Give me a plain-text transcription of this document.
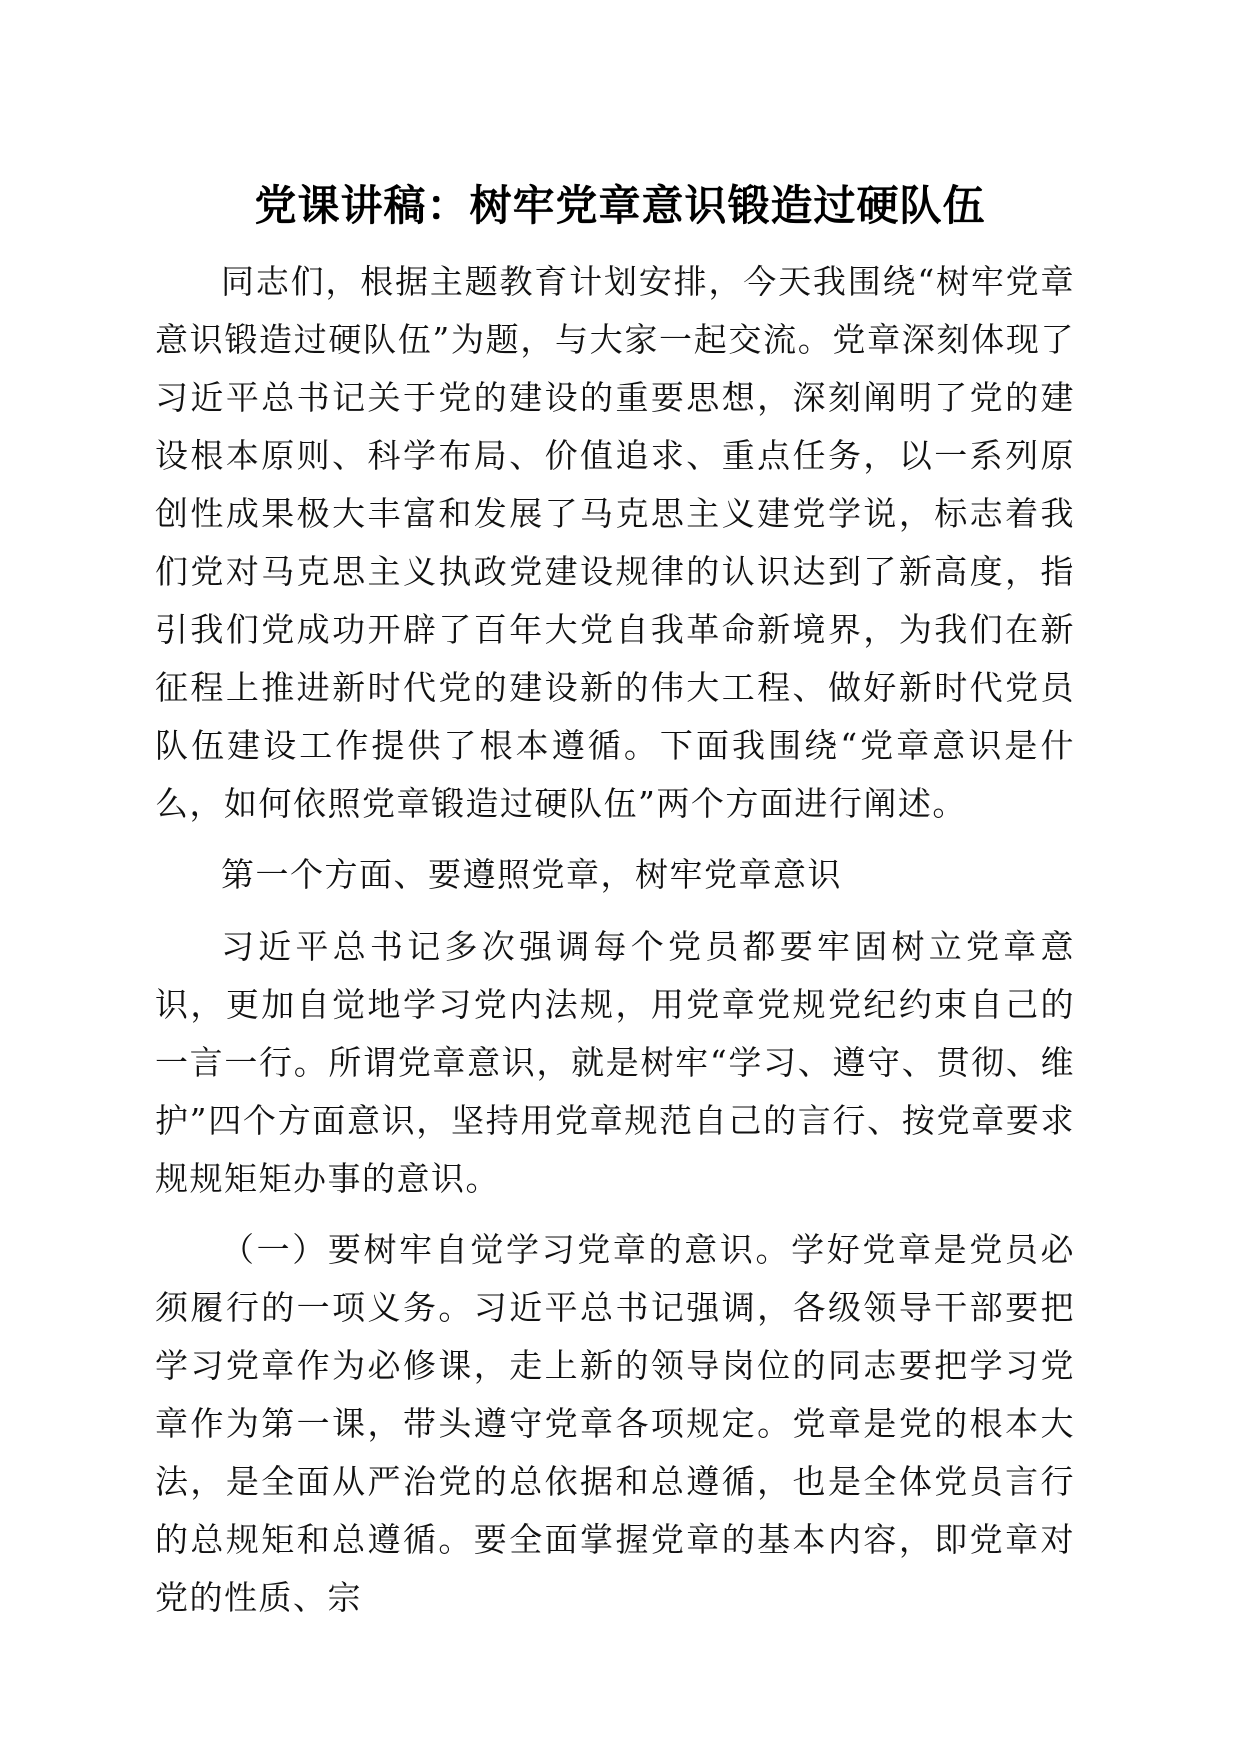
党课讲稿：树牢党章意识锻造过硬队伍

同志们，根据主题教育计划安排，今天我围绕“树牢党章意识锻造过硬队伍”为题，与大家一起交流。党章深刻体现了习近平总书记关于党的建设的重要思想，深刻阐明了党的建设根本原则、科学布局、价值追求、重点任务，以一系列原创性成果极大丰富和发展了马克思主义建党学说，标志着我们党对马克思主义执政党建设规律的认识达到了新高度，指引我们党成功开辟了百年大党自我革命新境界，为我们在新征程上推进新时代党的建设新的伟大工程、做好新时代党员队伍建设工作提供了根本遵循。下面我围绕“党章意识是什么，如何依照党章锻造过硬队伍”两个方面进行阐述。

第一个方面、要遵照党章，树牢党章意识

习近平总书记多次强调每个党员都要牢固树立党章意识，更加自觉地学习党内法规，用党章党规党纪约束自己的一言一行。所谓党章意识，就是树牢“学习、遵守、贯彻、维护”四个方面意识，坚持用党章规范自己的言行、按党章要求规规矩矩办事的意识。

（一）要树牢自觉学习党章的意识。学好党章是党员必须履行的一项义务。习近平总书记强调，各级领导干部要把学习党章作为必修课，走上新的领导岗位的同志要把学习党章作为第一课，带头遵守党章各项规定。党章是党的根本大法，是全面从严治党的总依据和总遵循，也是全体党员言行的总规矩和总遵循。要全面掌握党章的基本内容，即党章对党的性质、宗
